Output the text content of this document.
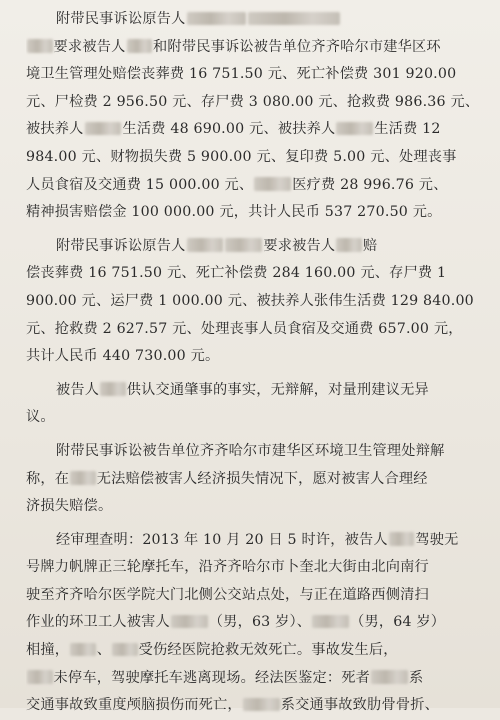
附带民事诉讼原告人
要求被告人 和附带民事诉讼被告单位齐齐哈尔市建华区环
境卫生管理处赔偿丧葬费 16 751.50 元、死亡补偿费 301 920.00
元、尸检费 2 956.50 元、存尸费 3 080.00 元、抢救费 986.36 元、
被扶养人	生活费 48 690.00 元、被扶养人	生活费 12
984.00 元、财物损失费 5 900.00 元、复印费 5.00 元、处理丧事
人员食宿及交通费 15 000.00 元、	医疗费 28 996.76 元、
精神损害赔偿金 100 000.00 元，共计人民币 537 270.50 元。
附带民事诉讼原告人	要求被告人 赔
偿丧葬费 16 751.50 元、死亡补偿费 284 160.00 元、存尸费 1
900.00 元、运尸费 1 000.00 元、被扶养人张伟生活费 129 840.00
元、抢救费 2 627.57 元、处理丧事人员食宿及交通费 657.00 元，
共计人民币 440 730.00 元。
被告人 供认交通肇事的事实，无辩解，对量刑建议无异
议。
附带民事诉讼被告单位齐齐哈尔市建华区环境卫生管理处辩解
称，在 无法赔偿被害人经济损失情况下，愿对被害人合理经
济损失赔偿。
经审理查明：2013 年 10 月 20 日 5 时许，被告人 驾驶无
号牌力帆牌正三轮摩托车，沿齐齐哈尔市卜奎北大街由北向南行
驶至齐齐哈尔医学院大门北侧公交站点处，与正在道路西侧清扫
作业的环卫工人被害人	（男，63 岁）、	（男，64 岁）
相撞， 、 受伤经医院抢救无效死亡。事故发生后，
未停车，驾驶摩托车逃离现场。经法医鉴定：死者	系
交通事故致重度颅脑损伤而死亡，	系交通事故致肋骨骨折、
